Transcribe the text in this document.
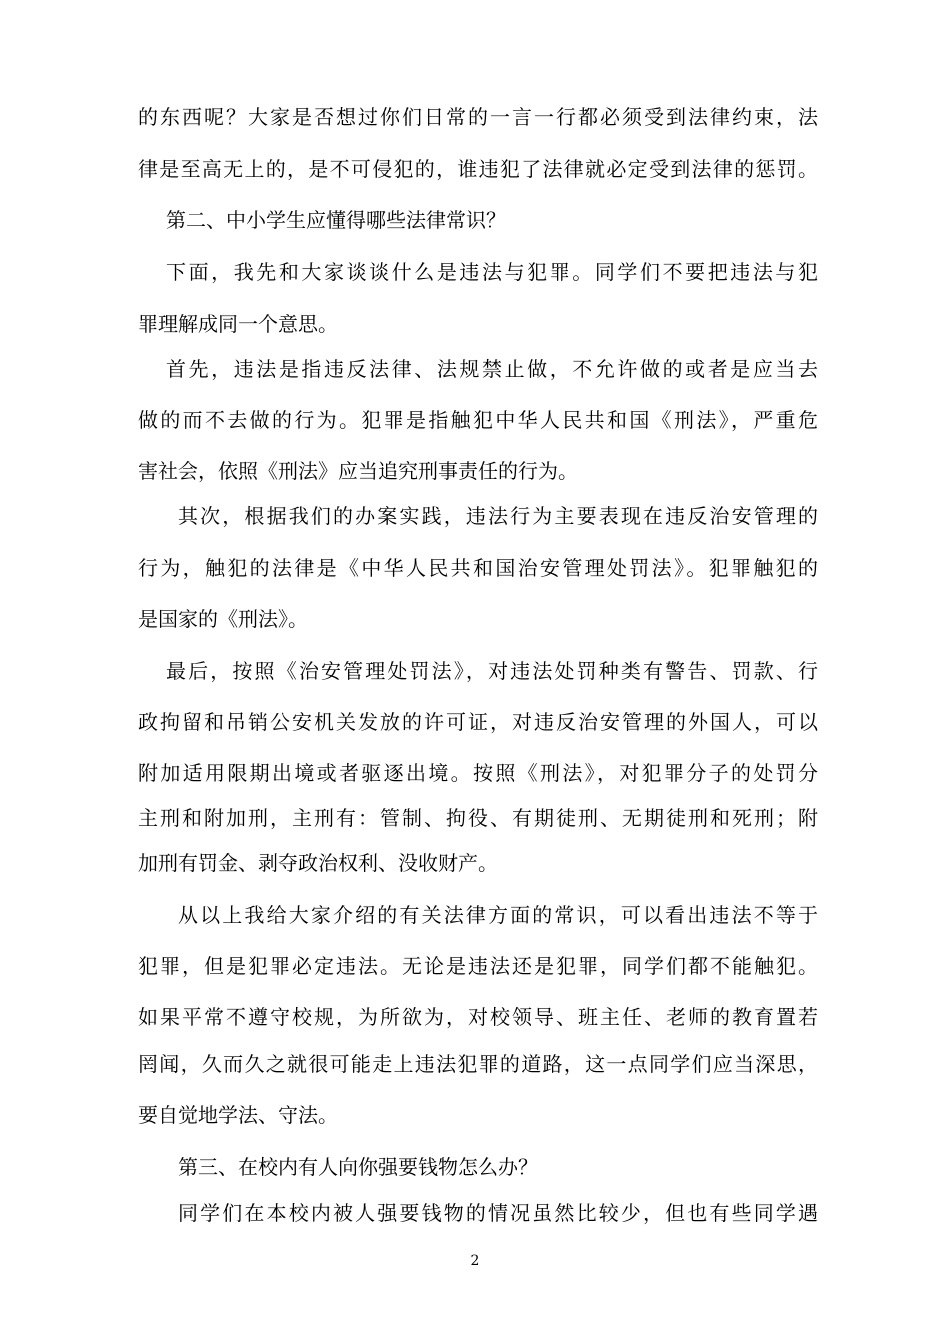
的东西呢？大家是否想过你们日常的一言一行都必须受到法律约束，法
律是至高无上的，是不可侵犯的，谁违犯了法律就必定受到法律的惩罚。
第二、中小学生应懂得哪些法律常识？
下面，我先和大家谈谈什么是违法与犯罪。同学们不要把违法与犯
罪理解成同一个意思。
首先，违法是指违反法律、法规禁止做，不允许做的或者是应当去
做的而不去做的行为。犯罪是指触犯中华人民共和国《刑法》，严重危
害社会，依照《刑法》应当追究刑事责任的行为。
其次，根据我们的办案实践，违法行为主要表现在违反治安管理的
行为，触犯的法律是《中华人民共和国治安管理处罚法》。犯罪触犯的
是国家的《刑法》。
最后，按照《治安管理处罚法》，对违法处罚种类有警告、罚款、行
政拘留和吊销公安机关发放的许可证，对违反治安管理的外国人，可以
附加适用限期出境或者驱逐出境。按照《刑法》，对犯罪分子的处罚分
主刑和附加刑，主刑有：管制、拘役、有期徒刑、无期徒刑和死刑；附
加刑有罚金、剥夺政治权利、没收财产。
从以上我给大家介绍的有关法律方面的常识，可以看出违法不等于
犯罪，但是犯罪必定违法。无论是违法还是犯罪，同学们都不能触犯。
如果平常不遵守校规，为所欲为，对校领导、班主任、老师的教育置若
罔闻，久而久之就很可能走上违法犯罪的道路，这一点同学们应当深思，
要自觉地学法、守法。
第三、在校内有人向你强要钱物怎么办？
同学们在本校内被人强要钱物的情况虽然比较少，但也有些同学遇
2
